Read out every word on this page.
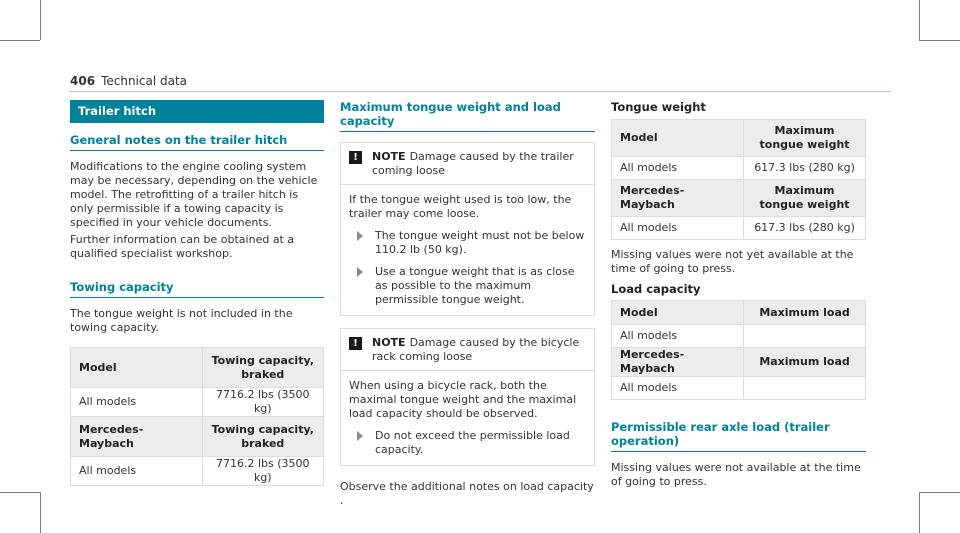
406 Technical data
Trailer hitch
General notes on the trailer hitch

Modifications to the engine cooling system may be necessary, depending on the vehicle model. The retrofitting of a trailer hitch is only permissible if a towing capacity is specified in your vehicle documents.

Further information can be obtained at a qualified specialist workshop.

Towing capacity

The tongue weight is not included in the towing capacity.

Model	Towing capacity, braked
All models	7716.2 lbs (3500 kg)
Mercedes-Maybach	Towing capacity, braked
All models	7716.2 lbs (3500 kg)
Maximum tongue weight and load capacity
!	NOTE Damage caused by the trailer coming loose

If the tongue weight used is too low, the trailer may come loose.

The tongue weight must not be below 110.2 lb (50 kg).

Use a tongue weight that is as close as possible to the maximum permissible tongue weight.

!	NOTE Damage caused by the bicycle rack coming loose

When using a bicycle rack, both the maximal tongue weight and the maximal load capacity should be observed.

Do not exceed the permissible load capacity.

Observe the additional notes on load capacity .

Tongue weight
Model	Maximum tongue weight
All models	617.3 lbs (280 kg)
Mercedes-Maybach	Maximum tongue weight
All models	617.3 lbs (280 kg)

Missing values were not yet available at the time of going to press.

Load capacity
Model	Maximum load
All models	
Mercedes-Maybach	Maximum load
All models	
Permissible rear axle load (trailer operation)

Missing values were not available at the time of going to press.
